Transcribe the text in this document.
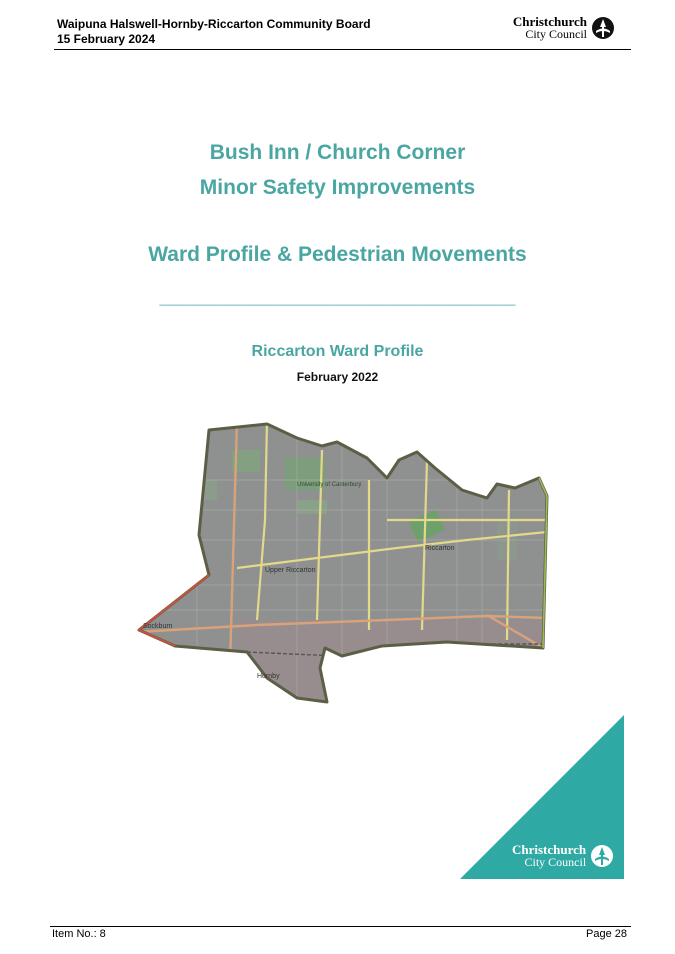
Waipuna Halswell-Hornby-Riccarton Community Board
15 February 2024
Christchurch
City Council
Bush Inn / Church Corner
Minor Safety Improvements
Ward Profile & Pedestrian Movements
________________________________
Riccarton Ward Profile
February 2022
University of Canterbury
Riccarton
Upper Riccarton
Sockburn
Hornby
Christchurch
City Council
Item No.: 8	Page 28
